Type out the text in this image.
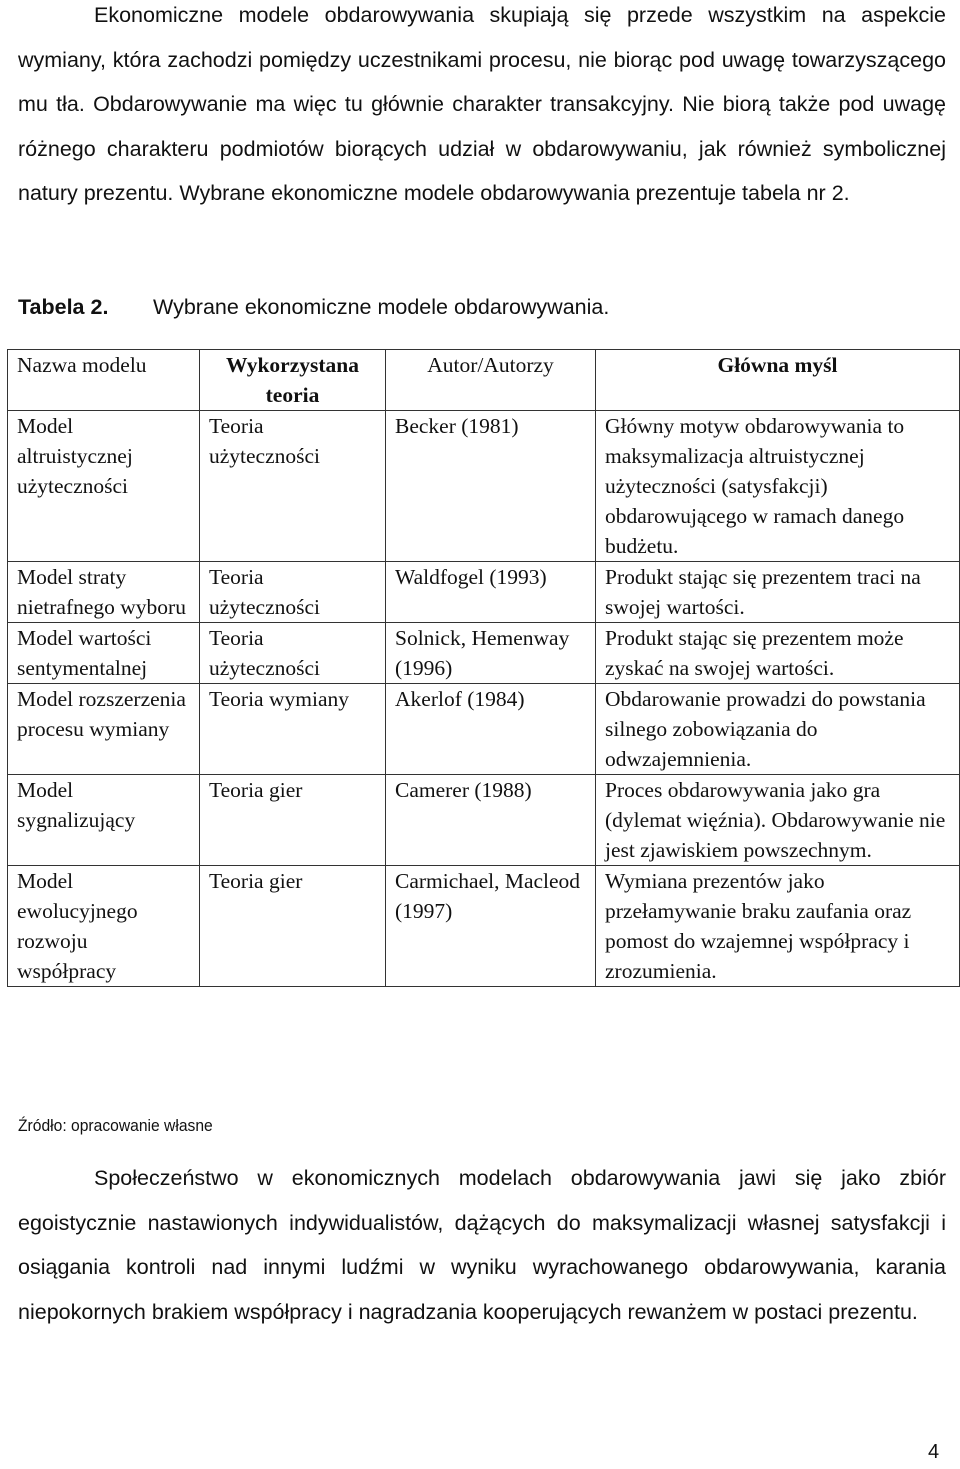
Ekonomiczne modele obdarowywania skupiają się przede wszystkim na aspekcie wymiany, która zachodzi pomiędzy uczestnikami procesu, nie biorąc pod uwagę towarzyszącego mu tła. Obdarowywanie ma więc tu głównie charakter transakcyjny. Nie biorą także pod uwagę różnego charakteru podmiotów biorących udział w obdarowywaniu, jak również symbolicznej natury prezentu. Wybrane ekonomiczne modele obdarowywania prezentuje tabela nr 2.

Tabela 2. Wybrane ekonomiczne modele obdarowywania.
Nazwa modelu	Wykorzystana teoria	Autor/Autorzy	Główna myśl
Model altruistycznej użyteczności	Teoria użyteczności	Becker (1981)	Główny motyw obdarowywania to maksymalizacja altruistycznej użyteczności (satysfakcji) obdarowującego w ramach danego budżetu.
Model straty nietrafnego wyboru	Teoria użyteczności	Waldfogel (1993)	Produkt stając się prezentem traci na swojej wartości.
Model wartości sentymentalnej	Teoria użyteczności	Solnick, Hemenway (1996)	Produkt stając się prezentem może zyskać na swojej wartości.
Model rozszerzenia procesu wymiany	Teoria wymiany	Akerlof (1984)	Obdarowanie prowadzi do powstania silnego zobowiązania do odwzajemnienia.
Model sygnalizujący	Teoria gier	Camerer (1988)	Proces obdarowywania jako gra (dylemat więźnia). Obdarowywanie nie jest zjawiskiem powszechnym.
Model ewolucyjnego rozwoju współpracy	Teoria gier	Carmichael, Macleod (1997)	Wymiana prezentów jako przełamywanie braku zaufania oraz pomost do wzajemnej współpracy i zrozumienia.
Źródło: opracowanie własne

Społeczeństwo w ekonomicznych modelach obdarowywania jawi się jako zbiór egoistycznie nastawionych indywidualistów, dążących do maksymalizacji własnej satysfakcji i osiągania kontroli nad innymi ludźmi w wyniku wyrachowanego obdarowywania, karania niepokornych brakiem współpracy i nagradzania kooperujących rewanżem w postaci prezentu.

4
